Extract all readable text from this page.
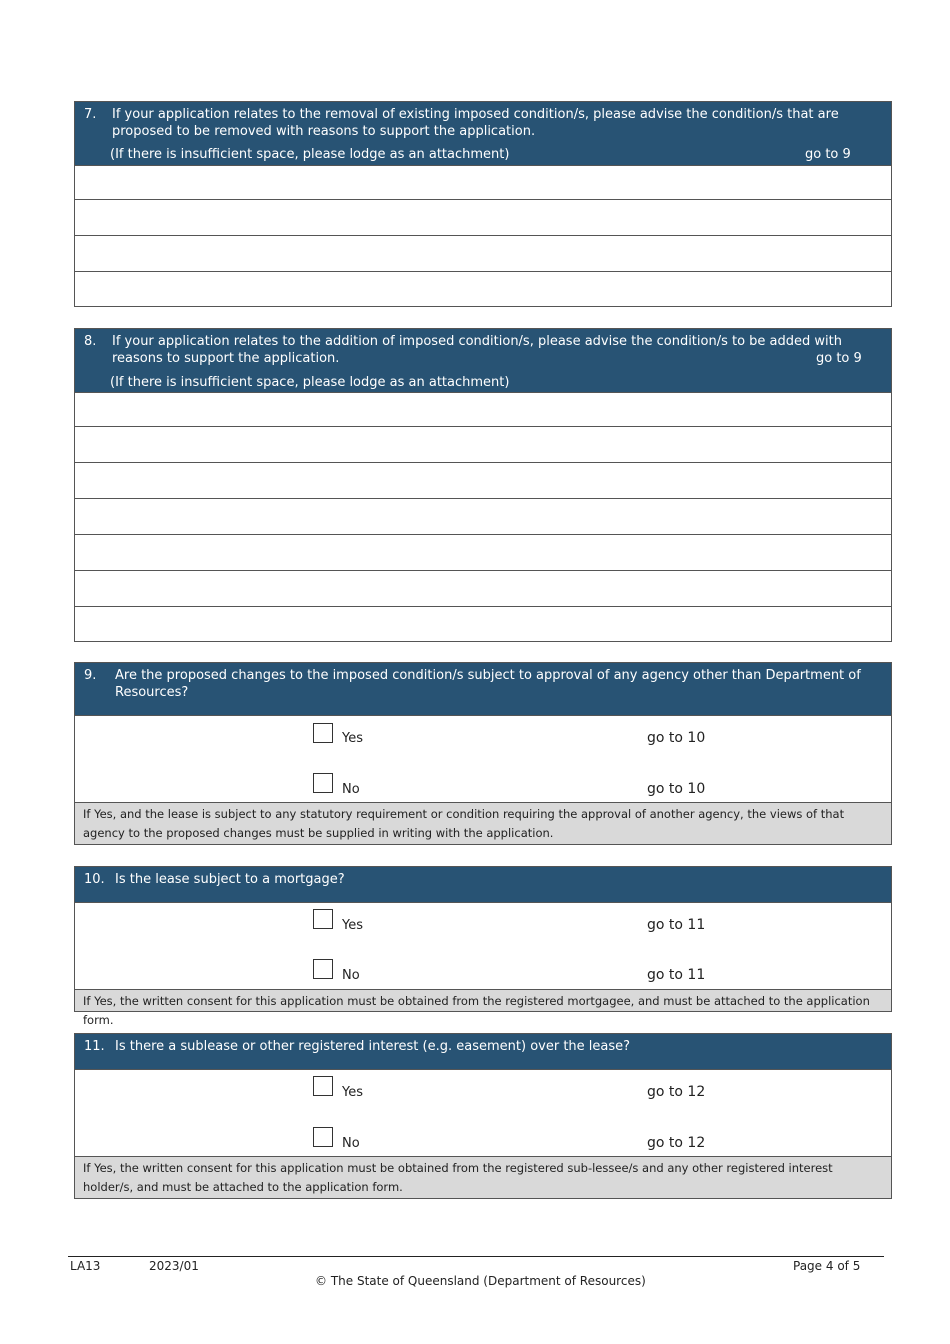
7. If your application relates to the removal of existing imposed condition/s, please advise the condition/s that are proposed to be removed with reasons to support the application.
(If there is insufficient space, please lodge as an attachment)	go to 9
8. If your application relates to the addition of imposed condition/s, please advise the condition/s to be added with reasons to support the application.	go to 9
(If there is insufficient space, please lodge as an attachment)
9. Are the proposed changes to the imposed condition/s subject to approval of any agency other than Department of Resources?
Yes	go to 10
No	go to 10
If Yes, and the lease is subject to any statutory requirement or condition requiring the approval of another agency, the views of that agency to the proposed changes must be supplied in writing with the application.
10. Is the lease subject to a mortgage?
Yes	go to 11
No	go to 11
If Yes, the written consent for this application must be obtained from the registered mortgagee, and must be attached to the application form.
11. Is there a sublease or other registered interest (e.g. easement) over the lease?
Yes	go to 12
No	go to 12
If Yes, the written consent for this application must be obtained from the registered sub-lessee/s and any other registered interest holder/s, and must be attached to the application form.
LA13	2023/01	Page 4 of 5
© The State of Queensland (Department of Resources)
